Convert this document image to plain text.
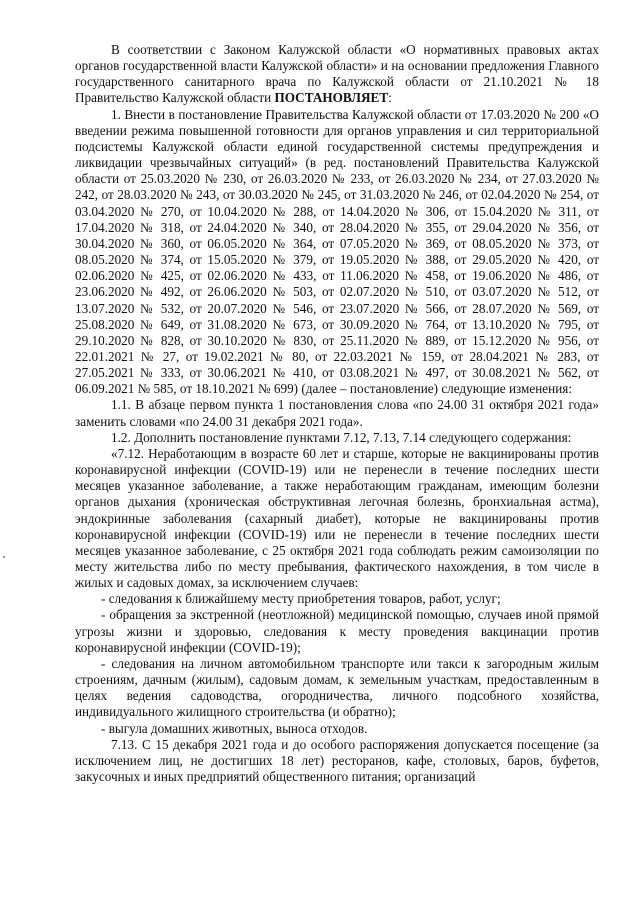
В соответствии с Законом Калужской области «О нормативных правовых актах органов государственной власти Калужской области» и на основании предложения Главного государственного санитарного врача по Калужской области от 21.10.2021 № 18 Правительство Калужской области ПОСТАНОВЛЯЕТ:

1. Внести в постановление Правительства Калужской области от 17.03.2020 № 200 «О введении режима повышенной готовности для органов управления и сил территориальной подсистемы Калужской области единой государственной системы предупреждения и ликвидации чрезвычайных ситуаций» (в ред. постановлений Правительства Калужской области от 25.03.2020 № 230, от 26.03.2020 № 233, от 26.03.2020 № 234, от 27.03.2020 № 242, от 28.03.2020 № 243, от 30.03.2020 № 245, от 31.03.2020 № 246, от 02.04.2020 № 254, от 03.04.2020 № 270, от 10.04.2020 № 288, от 14.04.2020 № 306, от 15.04.2020 № 311, от 17.04.2020 № 318, от 24.04.2020 № 340, от 28.04.2020 № 355, от 29.04.2020 № 356, от 30.04.2020 № 360, от 06.05.2020 № 364, от 07.05.2020 № 369, от 08.05.2020 № 373, от 08.05.2020 № 374, от 15.05.2020 № 379, от 19.05.2020 № 388, от 29.05.2020 № 420, от 02.06.2020 № 425, от 02.06.2020 № 433, от 11.06.2020 № 458, от 19.06.2020 № 486, от 23.06.2020 № 492, от 26.06.2020 № 503, от 02.07.2020 № 510, от 03.07.2020 № 512, от 13.07.2020 № 532, от 20.07.2020 № 546, от 23.07.2020 № 566, от 28.07.2020 № 569, от 25.08.2020 № 649, от 31.08.2020 № 673, от 30.09.2020 № 764, от 13.10.2020 № 795, от 29.10.2020 № 828, от 30.10.2020 № 830, от 25.11.2020 № 889, от 15.12.2020 № 956, от 22.01.2021 № 27, от 19.02.2021 № 80, от 22.03.2021 № 159, от 28.04.2021 № 283, от 27.05.2021 № 333, от 30.06.2021 № 410, от 03.08.2021 № 497, от 30.08.2021 № 562, от 06.09.2021 № 585, от 18.10.2021 № 699) (далее – постановление) следующие изменения:

1.1. В абзаце первом пункта 1 постановления слова «по 24.00 31 октября 2021 года» заменить словами «по 24.00 31 декабря 2021 года».

1.2. Дополнить постановление пунктами 7.12, 7.13, 7.14 следующего содержания:

«7.12. Неработающим в возрасте 60 лет и старше, которые не вакцинированы против коронавирусной инфекции (COVID-19) или не перенесли в течение последних шести месяцев указанное заболевание, а также неработающим гражданам, имеющим болезни органов дыхания (хроническая обструктивная легочная болезнь, бронхиальная астма), эндокринные заболевания (сахарный диабет), которые не вакцинированы против коронавирусной инфекции (COVID-19) или не перенесли в течение последних шести месяцев указанное заболевание, с 25 октября 2021 года соблюдать режим самоизоляции по месту жительства либо по месту пребывания, фактического нахождения, в том числе в жилых и садовых домах, за исключением случаев:

- следования к ближайшему месту приобретения товаров, работ, услуг;

- обращения за экстренной (неотложной) медицинской помощью, случаев иной прямой угрозы жизни и здоровью, следования к месту проведения вакцинации против коронавирусной инфекции (COVID-19);

- следования на личном автомобильном транспорте или такси к загородным жилым строениям, дачным (жилым), садовым домам, к земельным участкам, предоставленным в целях ведения садоводства, огородничества, личного подсобного хозяйства, индивидуального жилищного строительства (и обратно);

- выгула домашних животных, выноса отходов.

7.13. С 15 декабря 2021 года и до особого распоряжения допускается посещение (за исключением лиц, не достигших 18 лет) ресторанов, кафе, столовых, баров, буфетов, закусочных и иных предприятий общественного питания; организаций
